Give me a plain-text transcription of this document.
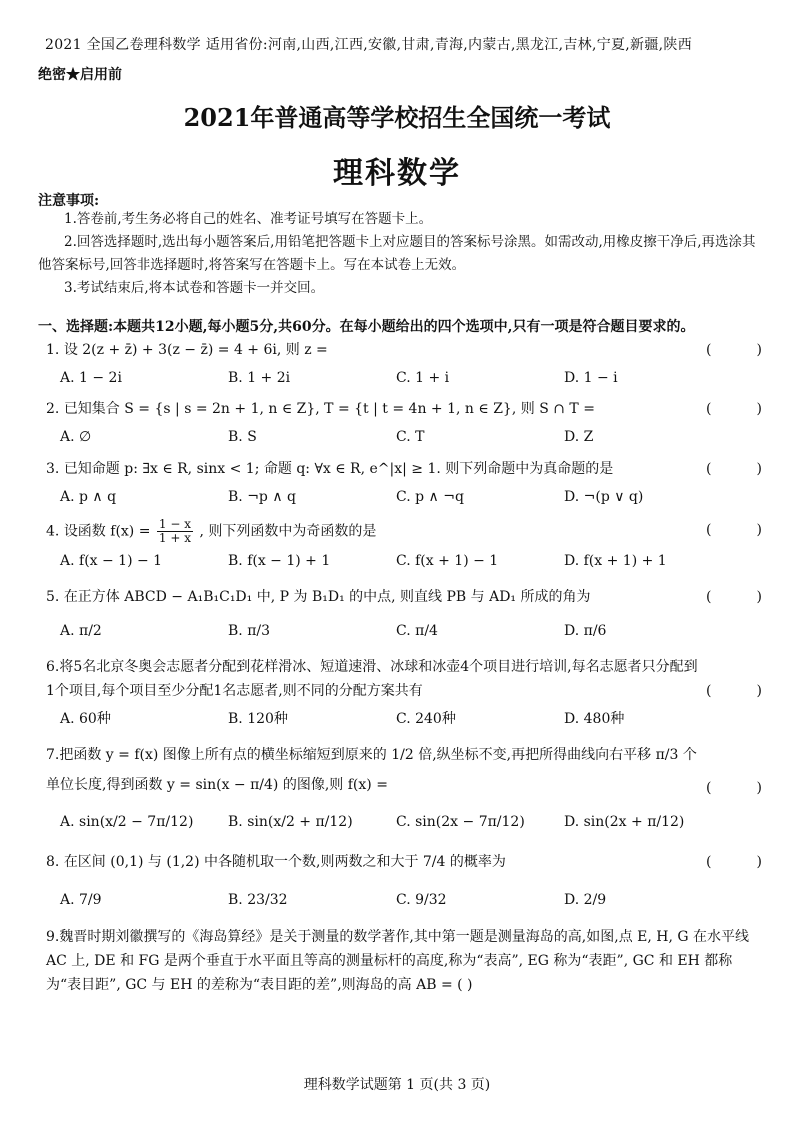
2021 全国乙卷理科数学 适用省份:河南,山西,江西,安徽,甘肃,青海,内蒙古,黑龙江,吉林,宁夏,新疆,陕西
绝密★启用前
2021年普通高等学校招生全国统一考试
理科数学
注意事项:

1.答卷前,考生务必将自己的姓名、准考证号填写在答题卡上。

2.回答选择题时,选出每小题答案后,用铅笔把答题卡上对应题目的答案标号涂黑。如需改动,用橡皮擦干净后,再选涂其他答案标号,回答非选择题时,将答案写在答题卡上。写在本试卷上无效。

3.考试结束后,将本试卷和答题卡一并交回。

一、选择题:本题共12小题,每小题5分,共60分。在每小题给出的四个选项中,只有一项是符合题目要求的。
1. 设 2(z + z̄) + 3(z − z̄) = 4 + 6i, 则 z =	(	)
A. 1 − 2i	B. 1 + 2i	C. 1 + i	D. 1 − i
2. 已知集合 S = {s | s = 2n + 1, n ∈ Z}, T = {t | t = 4n + 1, n ∈ Z}, 则 S ∩ T =	(	)
A. ∅	B. S	C. T	D. Z
3. 已知命题 p: ∃x ∈ R, sinx < 1; 命题 q: ∀x ∈ R, e^|x| ≥ 1. 则下列命题中为真命题的是	(	)
A. p ∧ q	B. ¬p ∧ q	C. p ∧ ¬q	D. ¬(p ∨ q)
4. 设函数 $f(x) = \frac{1 - x}{1 + x}$ , 则下列函数中为奇函数的是	(	)
A. f(x − 1) − 1	B. f(x − 1) + 1	C. f(x + 1) − 1	D. f(x + 1) + 1
5. 在正方体 ABCD − A₁B₁C₁D₁ 中, P 为 B₁D₁ 的中点, 则直线 PB 与 AD₁ 所成的角为	(	)
A. π/2	B. π/3	C. π/4	D. π/6
6.将5名北京冬奥会志愿者分配到花样滑冰、短道速滑、冰球和冰壶4个项目进行培训,每名志愿者只分配到1个项目,每个项目至少分配1名志愿者,则不同的分配方案共有	(	)
A. 60种	B. 120种	C. 240种	D. 480种
7.把函数 y = f(x) 图像上所有点的横坐标缩短到原来的 1/2 倍,纵坐标不变,再把所得曲线向右平移 π/3 个单位长度,得到函数 y = sin(x − π/4) 的图像,则 f(x) =	(	)
A. sin(x/2 − 7π/12) B. sin(x/2 + π/12)	C. sin(2x − 7π/12)	D. sin(2x + π/12)
8. 在区间 (0,1) 与 (1,2) 中各随机取一个数,则两数之和大于 7/4 的概率为	(	)
A. 7/9	B. 23/32	C. 9/32	D. 2/9
9.魏晋时期刘徽撰写的《海岛算经》是关于测量的数学著作,其中第一题是测量海岛的高,如图,点 E, H, G 在水平线 AC 上, DE 和 FG 是两个垂直于水平面且等高的测量标杆的高度,称为“表高”, EG 称为“表距”, GC 和 EH 都称为“表目距”, GC 与 EH 的差称为“表目距的差”,则海岛的高 AB = ( )
理科数学试题第 1 页(共 3 页)
